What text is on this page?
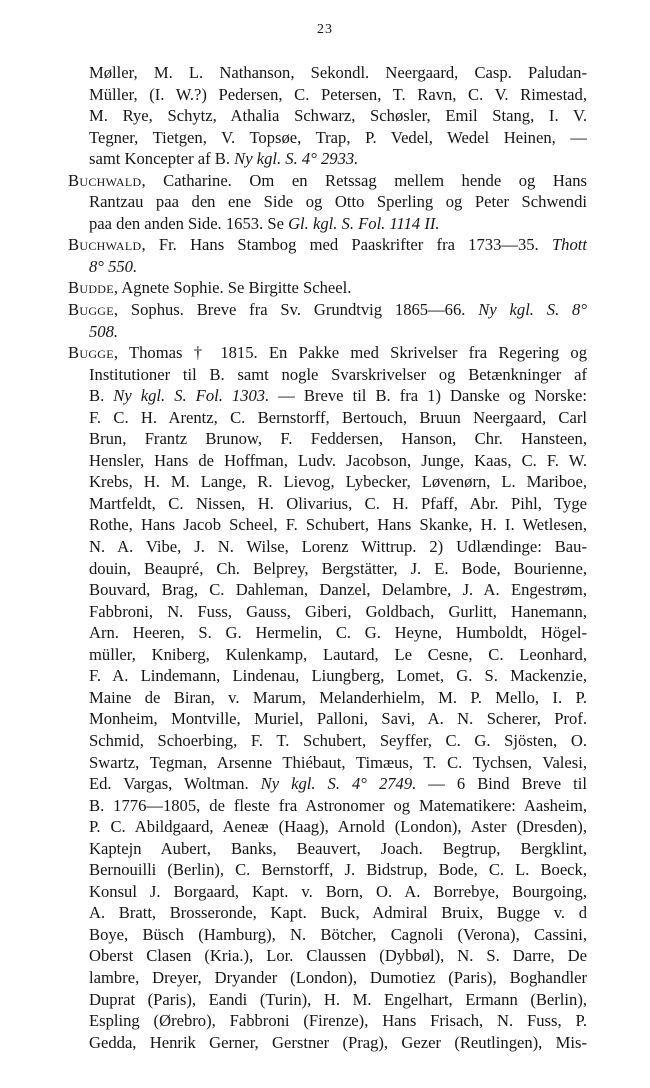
23
Møller, M. L. Nathanson, Sekondl. Neergaard, Casp. Paludan-
Müller, (I. W.?) Pedersen, C. Petersen, T. Ravn, C. V. Rimestad,
M. Rye, Schytz, Athalia Schwarz, Schøsler, Emil Stang, I. V.
Tegner, Tietgen, V. Topsøe, Trap, P. Vedel, Wedel Heinen, —
samt Koncepter af B. Ny kgl. S. 4° 2933.
Buchwald, Catharine. Om en Retssag mellem hende og Hans
Rantzau paa den ene Side og Otto Sperling og Peter Schwendi
paa den anden Side. 1653. Se Gl. kgl. S. Fol. 1114 II.
Buchwald, Fr. Hans Stambog med Paaskrifter fra 1733—35. Thott
8° 550.
Budde, Agnete Sophie. Se Birgitte Scheel.
Bugge, Sophus. Breve fra Sv. Grundtvig 1865—66. Ny kgl. S. 8°
508.
Bugge, Thomas † 1815. En Pakke med Skrivelser fra Regering og
Institutioner til B. samt nogle Svarskrivelser og Betænkninger af
B. Ny kgl. S. Fol. 1303. — Breve til B. fra 1) Danske og Norske:
F. C. H. Arentz, C. Bernstorff, Bertouch, Bruun Neergaard, Carl
Brun, Frantz Brunow, F. Feddersen, Hanson, Chr. Hansteen,
Hensler, Hans de Hoffman, Ludv. Jacobson, Junge, Kaas, C. F. W.
Krebs, H. M. Lange, R. Lievog, Lybecker, Løvenørn, L. Mariboe,
Martfeldt, C. Nissen, H. Olivarius, C. H. Pfaff, Abr. Pihl, Tyge
Rothe, Hans Jacob Scheel, F. Schubert, Hans Skanke, H. I. Wetlesen,
N. A. Vibe, J. N. Wilse, Lorenz Wittrup. 2) Udlændinge: Bau-
douin, Beaupré, Ch. Belprey, Bergstätter, J. E. Bode, Bourienne,
Bouvard, Brag, C. Dahleman, Danzel, Delambre, J. A. Engestrøm,
Fabbroni, N. Fuss, Gauss, Giberi, Goldbach, Gurlitt, Hanemann,
Arn. Heeren, S. G. Hermelin, C. G. Heyne, Humboldt, Högel-
müller, Kniberg, Kulenkamp, Lautard, Le Cesne, C. Leonhard,
F. A. Lindemann, Lindenau, Liungberg, Lomet, G. S. Mackenzie,
Maine de Biran, v. Marum, Melanderhielm, M. P. Mello, I. P.
Monheim, Montville, Muriel, Palloni, Savi, A. N. Scherer, Prof.
Schmid, Schoerbing, F. T. Schubert, Seyffer, C. G. Sjösten, O.
Swartz, Tegman, Arsenne Thiébaut, Timæus, T. C. Tychsen, Valesi,
Ed. Vargas, Woltman. Ny kgl. S. 4° 2749. — 6 Bind Breve til
B. 1776—1805, de fleste fra Astronomer og Matematikere: Aasheim,
P. C. Abildgaard, Aeneæ (Haag), Arnold (London), Aster (Dresden),
Kaptejn Aubert, Banks, Beauvert, Joach. Begtrup, Bergklint,
Bernouilli (Berlin), C. Bernstorff, J. Bidstrup, Bode, C. L. Boeck,
Konsul J. Borgaard, Kapt. v. Born, O. A. Borrebye, Bourgoing,
A. Bratt, Brosseronde, Kapt. Buck, Admiral Bruix, Bugge v. d
Boye, Büsch (Hamburg), N. Bötcher, Cagnoli (Verona), Cassini,
Oberst Clasen (Kria.), Lor. Claussen (Dybbøl), N. S. Darre, De
lambre, Dreyer, Dryander (London), Dumotiez (Paris), Boghandler
Duprat (Paris), Eandi (Turin), H. M. Engelhart, Ermann (Berlin),
Espling (Ørebro), Fabbroni (Firenze), Hans Frisach, N. Fuss, P.
Gedda, Henrik Gerner, Gerstner (Prag), Gezer (Reutlingen), Mis-
